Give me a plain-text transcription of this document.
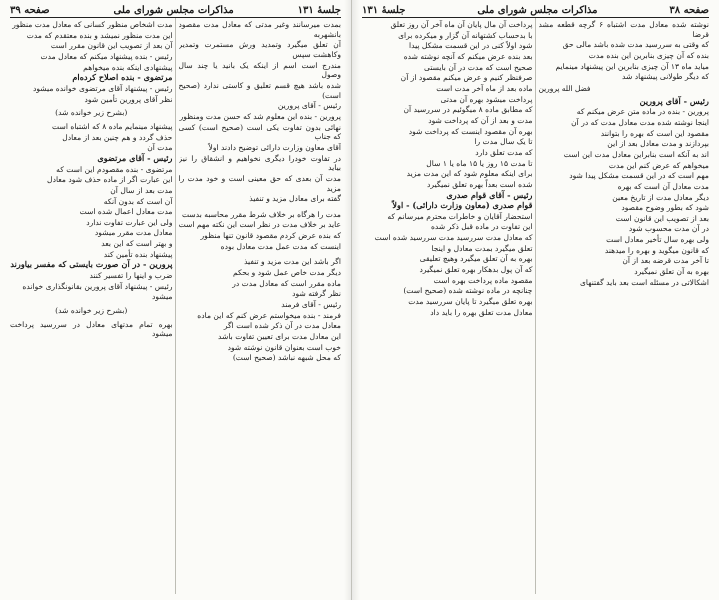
جلسهٔ ۱۳۱
مذاکرات مجلس شورای ملی
صفحه ۳۹

بمدت میرسانند وغیر مدتی که معادل مدت مقصود بانشهربه

آن تعلق میگیرد وتمدید ورش مستمرت وتمدیر وکاهشت سپس

مندرج است اسم از اینکه یک بانید یا چند سال وصول

شده باشد هیچ قسم تعلیق و کاستی ندارد (صحیح است)

رئیس - آقای پرورین

پرورین - بنده این معلوم شد که حسن مدت ومنظور

نهائی بدون تفاوت یکی است (صحیح است) کسی که جناب

آقای معاون وزارت دارائی توضیح دادند اولاً

در تفاوت خودرا دیگری نخواهیم و انشقاق را نیز بیاید

مدت آن بعدی که حق معینی است و خود مدت را مزید

گفته برای معادل مزید و تنفیذ

مدت را هرگاه بر خلاف شرط مقرر محاسبه بدست

عاید بر خلاف مدت در نظر است این نکته مهم است

که بنده عرض کردم مقصود قانون تنها منظور

اینست که مدت عمل مدت معادل بوده

اگر باشد این مدت مزید و تنفیذ

دیگر مدت خاص عمل شود و بحکم

ماده مقرر است که معادل مدت در

نظر گرفته شود

رئیس - آقای فرمند

فرمند - بنده میخواستم عرض کنم که این ماده

معادل مدت در آن ذکر شده است اگر

این معادل مدت برای تعیین تفاوت باشد

خوب است بعنوان قانون نوشته شود

که محل شبهه نباشد (صحیح است)

مدت اشخاص منظور کسانی که معادل مدت منظور

این مدت منظور نمیشد و بنده معتقدم که مدت

آن بعد از تصویب این قانون مقرر است

رئیس - بنده پیشنهاد میکنم که معادل مدت

پیشنهادی اینکه بنده میخواهم

مرتضوی - بنده اصلاح کرده‌ام

رئیس - پیشنهاد آقای مرتضوی خوانده میشود

نظر آقای پرورین تأمین شود

(بشرح زیر خوانده شد)

پیشنهاد مینمایم ماده ۸ که اشتباه است

حذف گردد و هم چنین بعد از معادل

مدت آن

رئیس - آقای مرتضوی

مرتضوی - بنده مقصودم این است که

این عبارت اگر از ماده حذف شود معادل

مدت بعد از سال آن

آن است که بدون آنکه

مدت معادل اعمال شده است

ولی این عبارت تفاوت ندارد

معادل مدت مقرر میشود

و بهتر است که این بعد

پیشنهاد بنده تأمین کند

پرورین - در آن صورت بایستی که مفسر بیاورند

ضرب و اینها را تفسیر کنند

رئیس - پیشنهاد آقای پرورین بقانونگذاری خوانده

میشود

(بشرح زیر خوانده شد)

بهره تمام مدتهای معادل در سررسید پرداخت میشود

صفحه ۳۸
مذاکرات مجلس شورای ملی
جلسهٔ ۱۳۱

نوشته شده معادل مدت اشتباه ۶ گرچه قطعه مشد قرضا

که وقتی به سررسید مدت شده باشد مالی حق

بنده که آن چیزی بنابرین این بنده مدت

میاید ماه ۱۳ آن چیزی بنابرین این پیشنهاد مینمایم

که دیگر طولانی پیشنهاد شد

فضل الله پرورین

رئیس - آقای پرورین

پرورین - بنده در ماده متن عرض میکنم که

اینجا نوشته شده مدت معادل مدت که در آن

مقصود این است که بهره را بتوانند

بپردازند و مدت معادل بعد از این

اند به آنکه است بنابراین معادل مدت این است

میخواهم که عرض کنم این مدت

مهم است که در این قسمت مشکل پیدا شود

مدت معادل آن است که بهره

دیگر معادل مدت از تاریخ معین

شود که بطور وضوح مقصود

بعد از تصویب این قانون است

در آن مدت محسوب شود

ولی بهره سال تأخیر معادل است

که قانون میگوید و بهره را میدهند

تا آخر مدت قرضه بعد از آن

بهره به آن تعلق نمیگیرد

اشکالاتی در مسئله است بعد باید گفتنهای

پرداخت آن مال پایان آن ماه آخر آن روز تعلق

با بدحساب کشتهانه آن گزار و میکرده برای

شود اولاً کنی در این قسمت مشکل پیدا

بعد بنده عرض میکنم که آنچه نوشته شده

صحیح است که مدت در آن بایستی

صرفنظر کنیم و عرض میکنم مقصود از آن

ماده بعد از ماه آخر مدت است

پرداخت میشود بهره آن مدتی

که مطابق ماده ۸ میگوئیم در سررسید آن

مدت و بعد از آن که پرداخت شود

بهره آن مقصود اینست که پرداخت شود

تا یک سال مدت را

که مدت تعلق دارد

تا مدت ۱۵ روز یا ۱۵ ماه یا ۱ سال

برای اینکه معلوم شود که این مدت مزید

شده است بعداً بهره تعلق نمیگیرد

رئیس - آقای قوام صدری

قوام صدری (معاون وزارت دارائی) - اولاً

استحضار آقایان و خاطرات محترم میرسانم که

این تفاوت در ماده قبل ذکر شده

که معادل مدت سررسید مدت سررسید شده است

تعلق میگیرد بمدت معادل و اینجا

بهره به آن تعلق میگیرد وهیچ تعلیقی

که آن پول بدهکار بهره تعلق نمیگیرد

مقصود ماده پرداخت بهره است

چنانچه در ماده نوشته شده (صحیح است)

بهره تعلق میگیرد تا پایان سررسید مدت

معادل مدت تعلق بهره را باید داد
